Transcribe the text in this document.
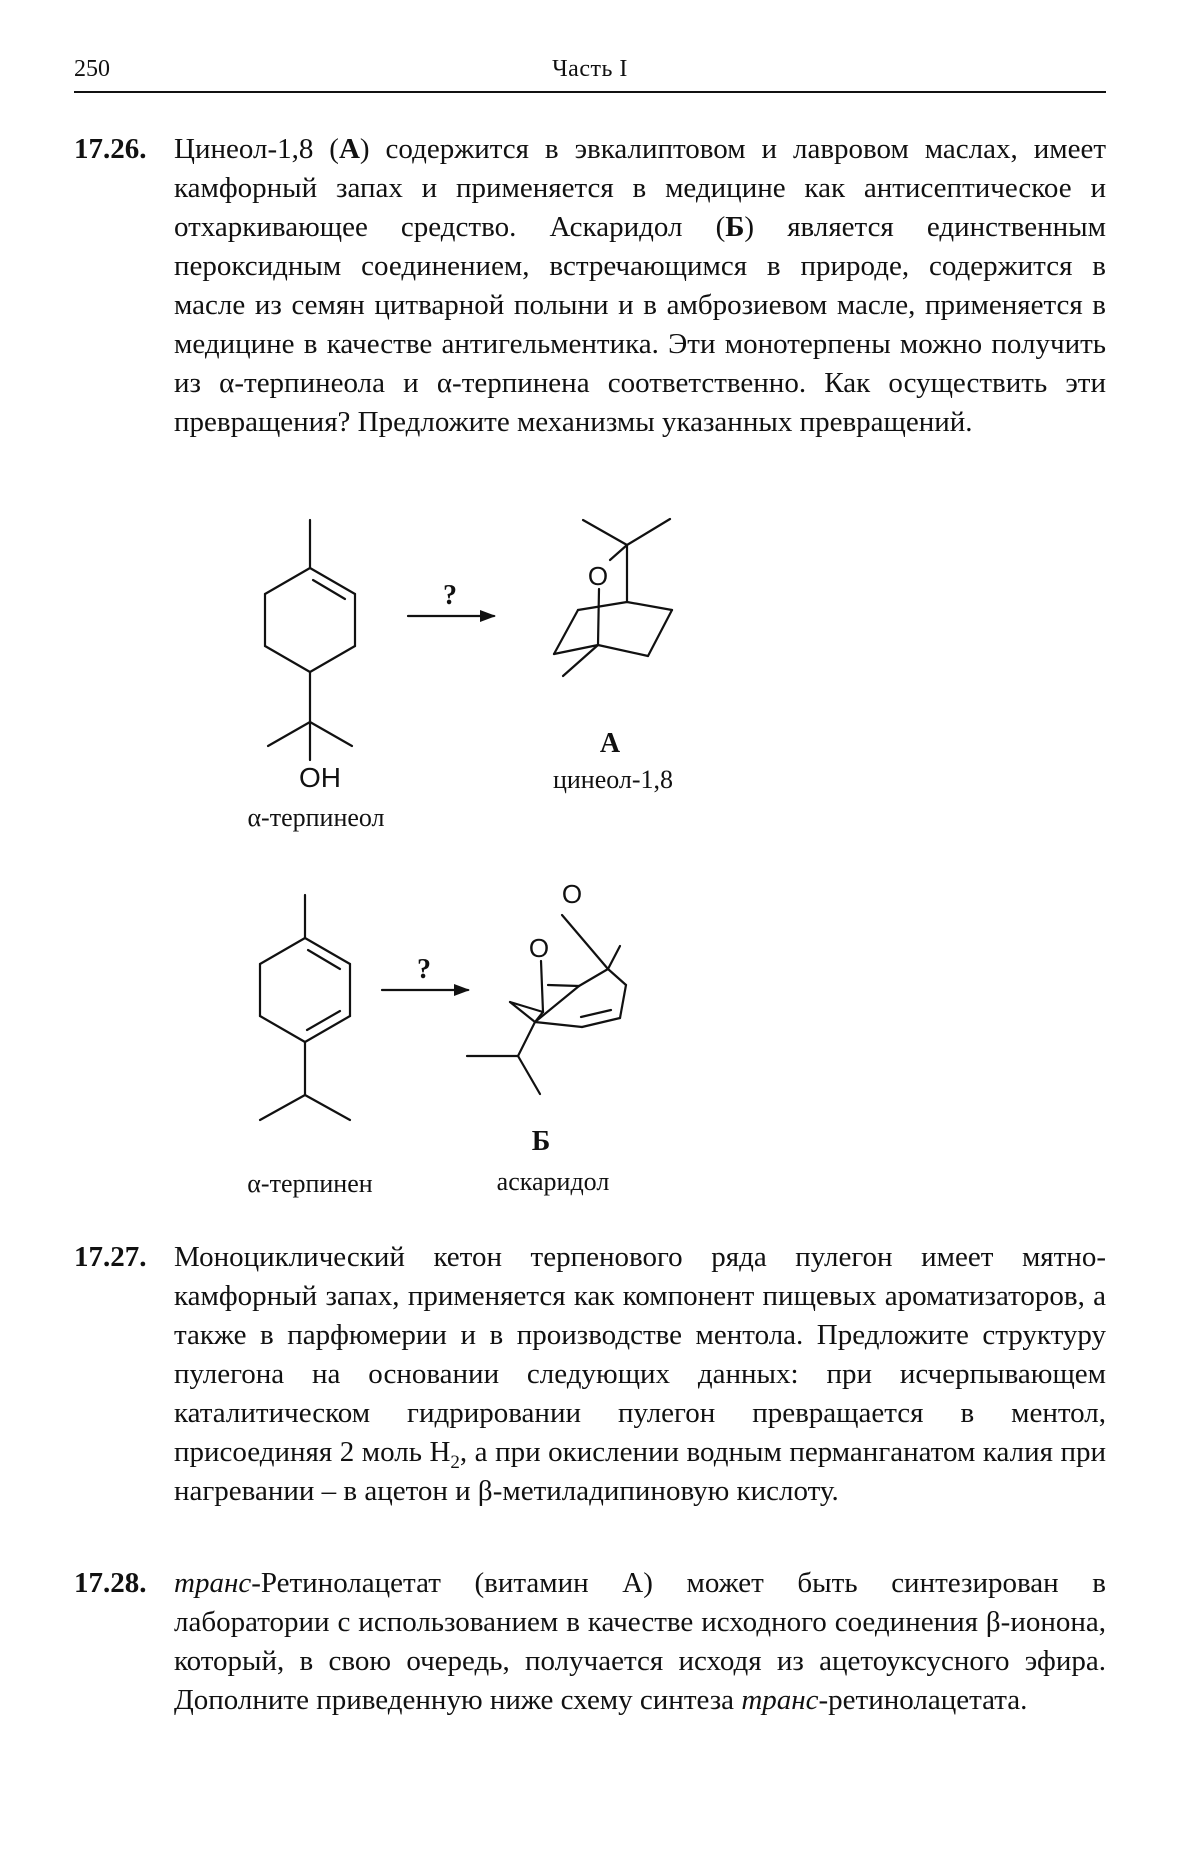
250	Часть I
17.26. Цинеол-1,8 (А) содержится в эвкалиптовом и лавровом маслах, имеет камфорный запах и применяется в медицине как антисептическое и отхаркивающее средство. Аскаридол (Б) является единственным пероксидным соединением, встречающимся в природе, содержится в масле из семян цитварной полыни и в амброзиевом масле, применяется в медицине в качестве антигельментика. Эти монотерпены можно получить из α-терпинеола и α-терпинена соответственно. Как осуществить эти превращения? Предложите механизмы указанных превращений.
OH
α-терпинеол
?
O
А
цинеол-1,8
α-терпинен
?
O
O
Б
аскаридол
17.27. Моноциклический кетон терпенового ряда пулегон имеет мятно-камфорный запах, применяется как компонент пищевых ароматизаторов, а также в парфюмерии и в производстве ментола. Предложите структуру пулегона на основании следующих данных: при исчерпывающем каталитическом гидрировании пулегон превращается в ментол, присоединяя 2 моль Н2, а при окислении водным перманганатом калия при нагревании – в ацетон и β-метиладипиновую кислоту.
17.28. транс-Ретинолацетат (витамин А) может быть синтезирован в лаборатории с использованием в качестве исходного соединения β-ионона, который, в свою очередь, получается исходя из ацетоуксусного эфира. Дополните приведенную ниже схему синтеза транс-ретинолацетата.
